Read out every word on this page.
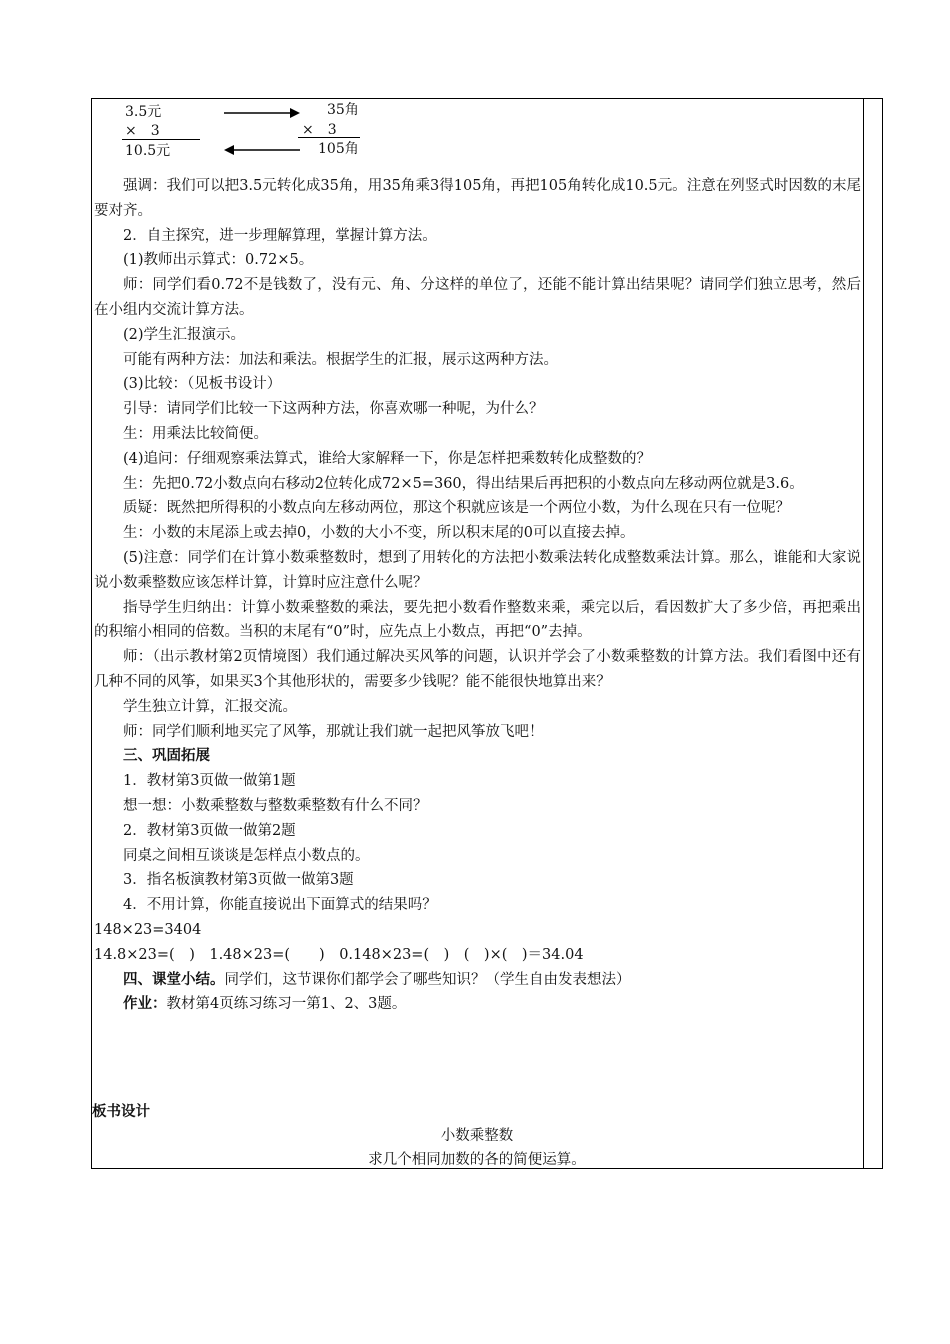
3.5元
×　3
10.5元
35角
×　3
105角

强调：我们可以把3.5元转化成35角，用35角乘3得105角，再把105角转化成10.5元。注意在列竖式时因数的末尾要对齐。

2．自主探究，进一步理解算理，掌握计算方法。

(1)教师出示算式：0.72×5。

师：同学们看0.72不是钱数了，没有元、角、分这样的单位了，还能不能计算出结果呢？请同学们独立思考，然后在小组内交流计算方法。

(2)学生汇报演示。

可能有两种方法：加法和乘法。根据学生的汇报，展示这两种方法。

(3)比较：（见板书设计）

引导：请同学们比较一下这两种方法，你喜欢哪一种呢，为什么？

生：用乘法比较简便。

(4)追问：仔细观察乘法算式，谁给大家解释一下，你是怎样把乘数转化成整数的？

生：先把0.72小数点向右移动2位转化成72×5=360，得出结果后再把积的小数点向左移动两位就是3.6。

质疑：既然把所得积的小数点向左移动两位，那这个积就应该是一个两位小数，为什么现在只有一位呢？

生：小数的末尾添上或去掉0，小数的大小不变，所以积末尾的0可以直接去掉。

(5)注意：同学们在计算小数乘整数时，想到了用转化的方法把小数乘法转化成整数乘法计算。那么，谁能和大家说说小数乘整数应该怎样计算，计算时应注意什么呢？

指导学生归纳出：计算小数乘整数的乘法，要先把小数看作整数来乘，乘完以后，看因数扩大了多少倍，再把乘出的积缩小相同的倍数。当积的末尾有“0”时，应先点上小数点，再把“0”去掉。

师：（出示教材第2页情境图）我们通过解决买风筝的问题，认识并学会了小数乘整数的计算方法。我们看图中还有几种不同的风筝，如果买3个其他形状的，需要多少钱呢？能不能很快地算出来？

学生独立计算，汇报交流。

师：同学们顺利地买完了风筝，那就让我们就一起把风筝放飞吧！

三、巩固拓展

1．教材第3页做一做第1题

想一想：小数乘整数与整数乘整数有什么不同？

2．教材第3页做一做第2题

同桌之间相互谈谈是怎样点小数点的。

3．指名板演教材第3页做一做第3题

4．不用计算，你能直接说出下面算式的结果吗？

148×23=3404

14.8×23=(　)　1.48×23=(　　)　0.148×23=(　)　(　)×(　)＝34.04

四、课堂小结。同学们，这节课你们都学会了哪些知识？（学生自由发表想法）

作业：教材第4页练习练习一第1、2、3题。

板书设计
小数乘整数
求几个相同加数的各的简便运算。
